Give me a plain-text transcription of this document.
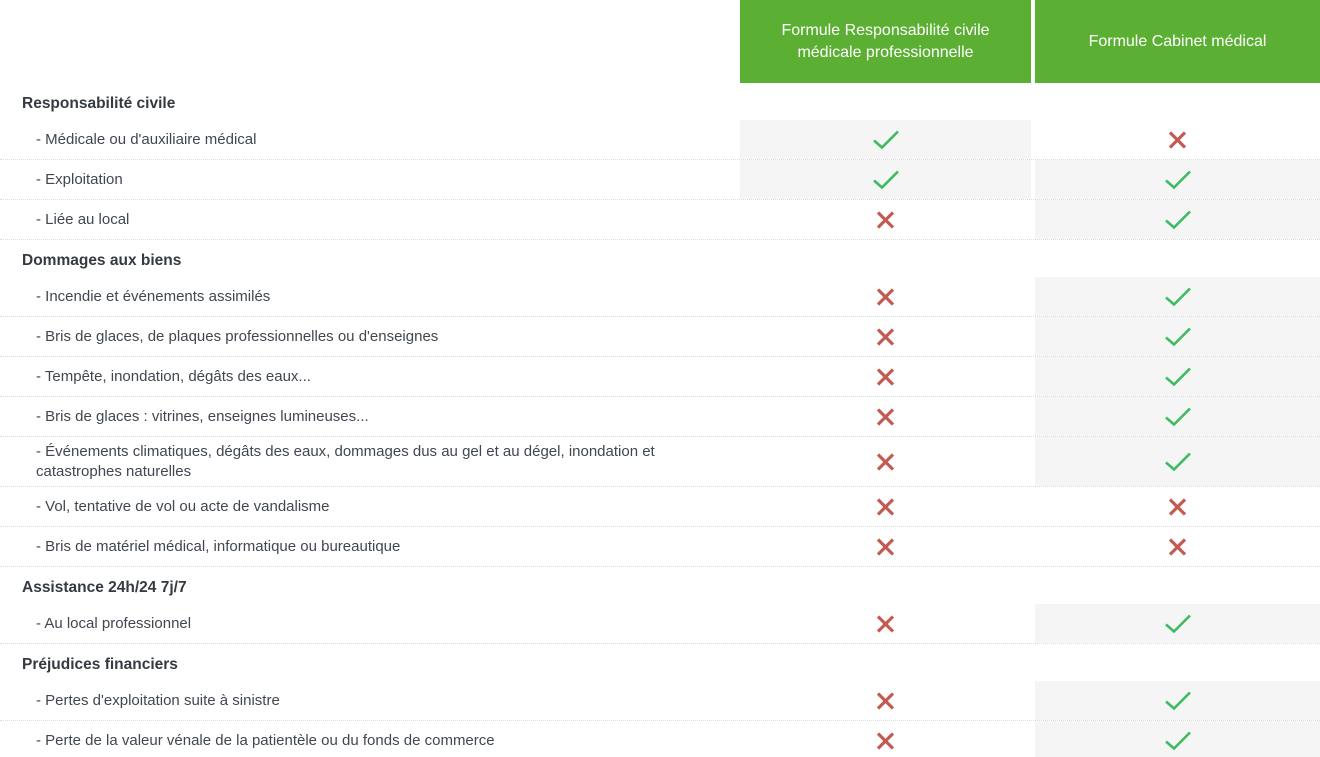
Formule Responsabilité civile médicale professionnelle
Formule Cabinet médical
Responsabilité civile
- Médicale ou d'auxiliaire médical
- Exploitation
- Liée au local
Dommages aux biens
- Incendie et événements assimilés
- Bris de glaces, de plaques professionnelles ou d'enseignes
- Tempête, inondation, dégâts des eaux...
- Bris de glaces : vitrines, enseignes lumineuses...
- Événements climatiques, dégâts des eaux, dommages dus au gel et au dégel, inondation et catastrophes naturelles
- Vol, tentative de vol ou acte de vandalisme
- Bris de matériel médical, informatique ou bureautique
Assistance 24h/24 7j/7
- Au local professionnel
Préjudices financiers
- Pertes d'exploitation suite à sinistre
- Perte de la valeur vénale de la patientèle ou du fonds de commerce
